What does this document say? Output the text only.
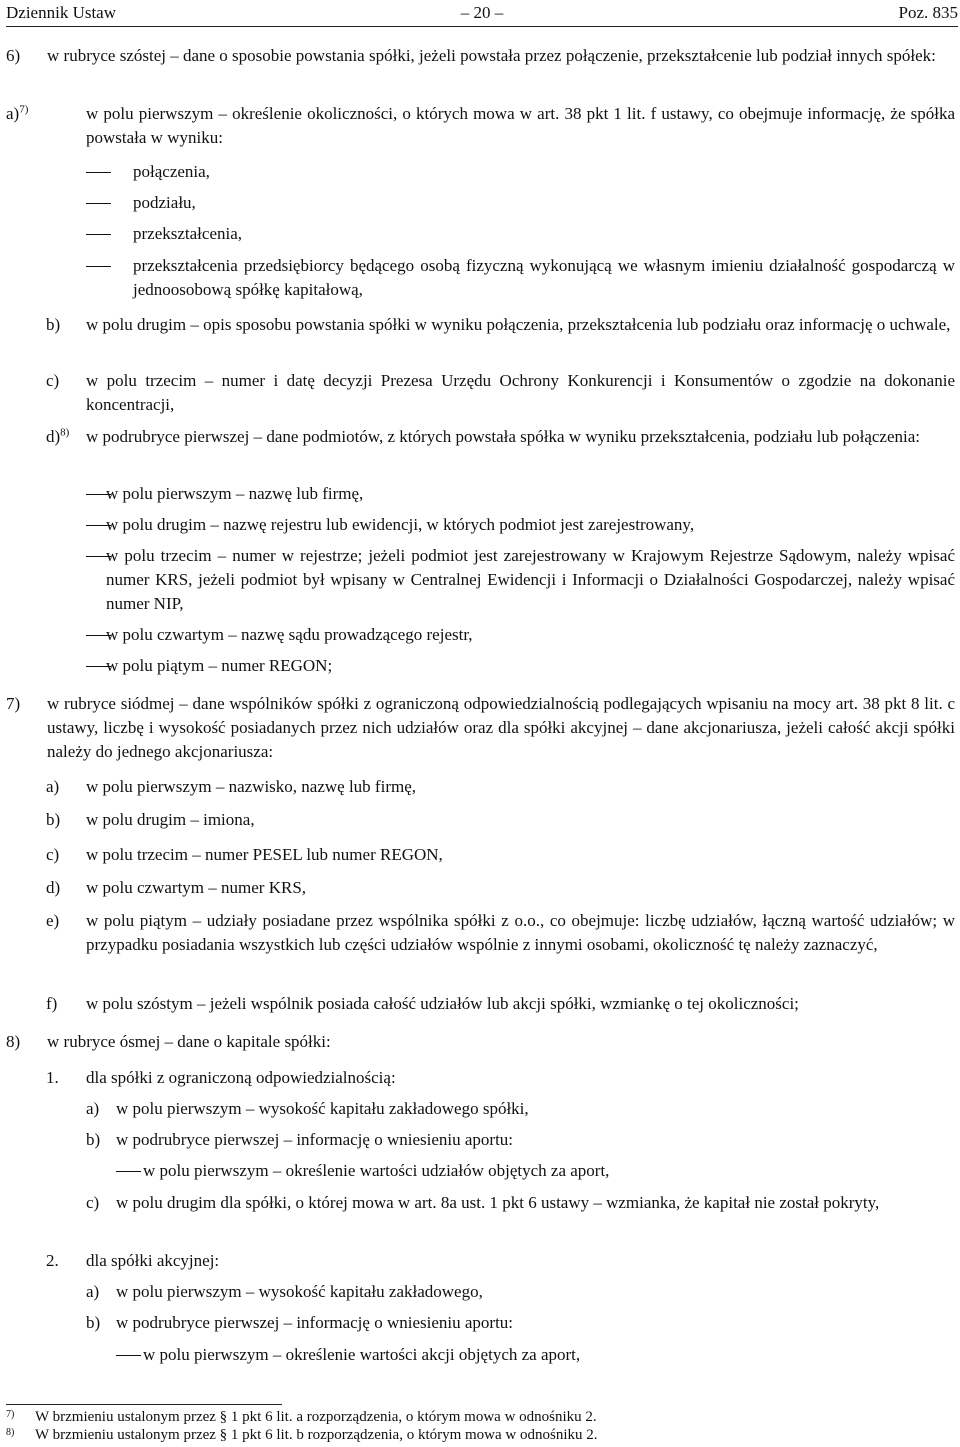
Dziennik Ustaw	– 20 –	Poz. 835
6) w rubryce szóstej – dane o sposobie powstania spółki, jeżeli powstała przez połączenie, przekształcenie lub podział innych spółek:
a)$^{7)}$	w polu pierwszym – określenie okoliczności, o których mowa w art. 38 pkt 1 lit. f ustawy, co obejmuje informację, że spółka powstała w wyniku:
połączenia,
podziału,
przekształcenia,
przekształcenia przedsiębiorcy będącego osobą fizyczną wykonującą we własnym imieniu działalność gospodarczą w jednoosobową spółkę kapitałową,
b) w polu drugim – opis sposobu powstania spółki w wyniku połączenia, przekształcenia lub podziału oraz informację o uchwale,
c) w polu trzecim – numer i datę decyzji Prezesa Urzędu Ochrony Konkurencji i Konsumentów o zgodzie na dokonanie koncentracji,
d)$^{8)}$ w podrubryce pierwszej – dane podmiotów, z których powstała spółka w wyniku przekształcenia, podziału lub połączenia:
w polu pierwszym – nazwę lub firmę,
w polu drugim – nazwę rejestru lub ewidencji, w których podmiot jest zarejestrowany,
w polu trzecim – numer w rejestrze; jeżeli podmiot jest zarejestrowany w Krajowym Rejestrze Sądowym, należy wpisać numer KRS, jeżeli podmiot był wpisany w Centralnej Ewidencji i Informacji o Działalności Gospodarczej, należy wpisać numer NIP,
w polu czwartym – nazwę sądu prowadzącego rejestr,
w polu piątym – numer REGON;
7) w rubryce siódmej – dane wspólników spółki z ograniczoną odpowiedzialnością podlegających wpisaniu na mocy art. 38 pkt 8 lit. c ustawy, liczbę i wysokość posiadanych przez nich udziałów oraz dla spółki akcyjnej – dane akcjonariusza, jeżeli całość akcji spółki należy do jednego akcjonariusza:
a) w polu pierwszym – nazwisko, nazwę lub firmę,
b) w polu drugim – imiona,
c) w polu trzecim – numer PESEL lub numer REGON,
d) w polu czwartym – numer KRS,
e) w polu piątym – udziały posiadane przez wspólnika spółki z o.o., co obejmuje: liczbę udziałów, łączną wartość udziałów; w przypadku posiadania wszystkich lub części udziałów wspólnie z innymi osobami, okoliczność tę należy zaznaczyć,
f) w polu szóstym – jeżeli wspólnik posiada całość udziałów lub akcji spółki, wzmiankę o tej okoliczności;
8) w rubryce ósmej – dane o kapitale spółki:
1. dla spółki z ograniczoną odpowiedzialnością:
a) w polu pierwszym – wysokość kapitału zakładowego spółki,
b) w podrubryce pierwszej – informację o wniesieniu aportu:
w polu pierwszym – określenie wartości udziałów objętych za aport,
c) w polu drugim dla spółki, o której mowa w art. 8a ust. 1 pkt 6 ustawy – wzmianka, że kapitał nie został pokryty,
2. dla spółki akcyjnej:
a) w polu pierwszym – wysokość kapitału zakładowego,
b) w podrubryce pierwszej – informację o wniesieniu aportu:
w polu pierwszym – określenie wartości akcji objętych za aport,
$^{7)}$ W brzmieniu ustalonym przez § 1 pkt 6 lit. a rozporządzenia, o którym mowa w odnośniku 2.
$^{8)}$ W brzmieniu ustalonym przez § 1 pkt 6 lit. b rozporządzenia, o którym mowa w odnośniku 2.
